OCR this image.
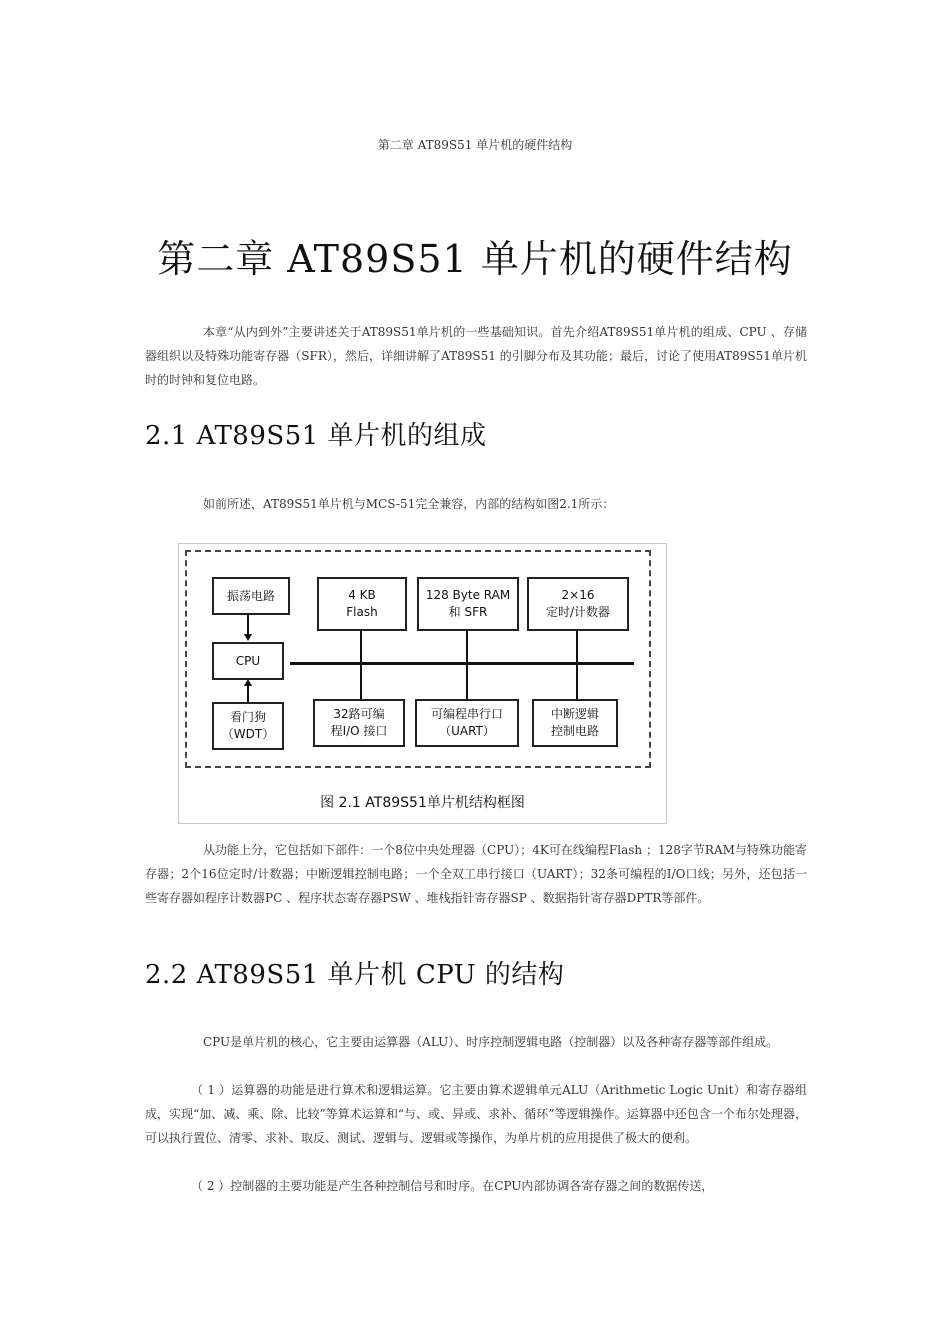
第二章 AT89S51 单片机的硬件结构
第二章 AT89S51 单片机的硬件结构

本章“从内到外”主要讲述关于AT89S51单片机的一些基础知识。首先介绍AT89S51单片机的组成、CPU 、存储器组织以及特殊功能寄存器（SFR），然后，详细讲解了AT89S51 的引脚分布及其功能；最后，讨论了使用AT89S51单片机时的时钟和复位电路。

2.1 AT89S51 单片机的组成

如前所述，AT89S51单片机与MCS-51完全兼容，内部的结构如图2.1所示：

振荡电路	4 KB
Flash
128 Byte RAM
和 SFR
2×16
定时/计数器
CPU
看门狗
（WDT）
32路可编
程I/O 接口
可编程串行口
（UART）
中断逻辑
控制电路
图 2.1 AT89S51单片机结构框图

从功能上分，它包括如下部件：一个8位中央处理器（CPU）；4K可在线编程Flash ；128字节RAM与特殊功能寄存器；2个16位定时/计数器；中断逻辑控制电路；一个全双工串行接口（UART）；32条可编程的I/O口线；另外，还包括一些寄存器如程序计数器PC 、程序状态寄存器PSW 、堆栈指针寄存器SP 、数据指针寄存器DPTR等部件。

2.2 AT89S51 单片机 CPU 的结构

CPU是单片机的核心，它主要由运算器（ALU）、时序控制逻辑电路（控制器）以及各种寄存器等部件组成。

（ 1 ）运算器的功能是进行算术和逻辑运算。它主要由算术逻辑单元ALU（Arithmetic Logic Unit）和寄存器组成，实现“加、减、乘、除、比较”等算术运算和“与、或、异或、求补、循环”等逻辑操作。运算器中还包含一个布尔处理器，可以执行置位、清零、求补、取反、测试、逻辑与、逻辑或等操作，为单片机的应用提供了极大的便利。

（ 2 ）控制器的主要功能是产生各种控制信号和时序。在CPU内部协调各寄存器之间的数据传送，
